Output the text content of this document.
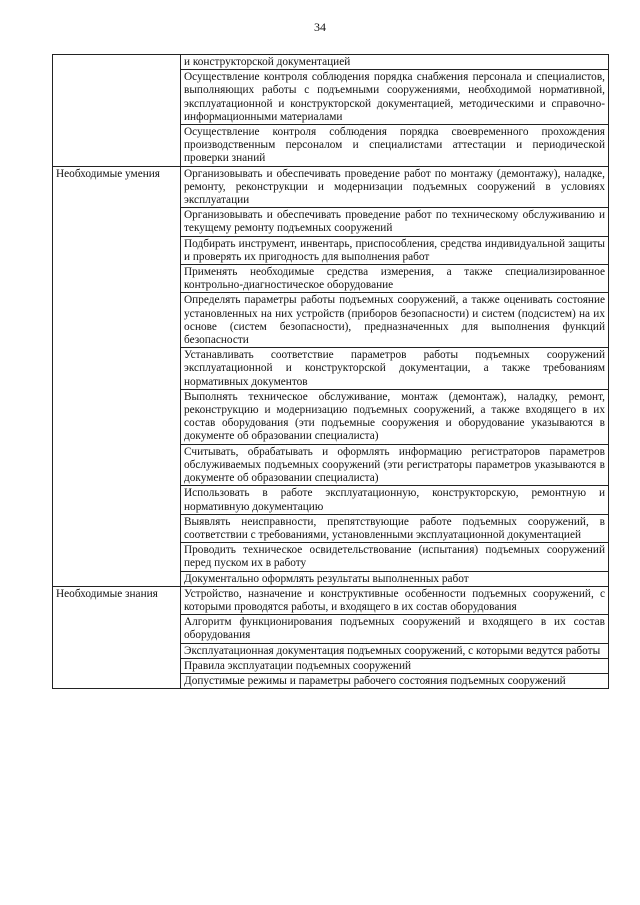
34

	и конструкторской документацией

	Осуществление контроля соблюдения порядка снабжения персонала и специалистов, выполняющих работы с подъемными сооружениями, необходимой нормативной, эксплуатационной и конструкторской документацией, методическими и справочно-информационными материалами

	Осуществление контроля соблюдения порядка своевременного прохождения производственным персоналом и специалистами аттестации и периодической проверки знаний

Необходимые умения	Организовывать и обеспечивать проведение работ по монтажу (демонтажу), наладке, ремонту, реконструкции и модернизации подъемных сооружений в условиях эксплуатации

	Организовывать и обеспечивать проведение работ по техническому обслуживанию и текущему ремонту подъемных сооружений

	Подбирать инструмент, инвентарь, приспособления, средства индивидуальной защиты и проверять их пригодность для выполнения работ

	Применять необходимые средства измерения, а также специализированное контрольно-диагностическое оборудование

	Определять параметры работы подъемных сооружений, а также оценивать состояние установленных на них устройств (приборов безопасности) и систем (подсистем) на их основе (систем безопасности), предназначенных для выполнения функций безопасности

	Устанавливать соответствие параметров работы подъемных сооружений эксплуатационной и конструкторской документации, а также требованиям нормативных документов

	Выполнять техническое обслуживание, монтаж (демонтаж), наладку, ремонт, реконструкцию и модернизацию подъемных сооружений, а также входящего в их состав оборудования (эти подъемные сооружения и оборудование указываются в документе об образовании специалиста)

	Считывать, обрабатывать и оформлять информацию регистраторов параметров обслуживаемых подъемных сооружений (эти регистраторы параметров указываются в документе об образовании специалиста)

	Использовать в работе эксплуатационную, конструкторскую, ремонтную и нормативную документацию

	Выявлять неисправности, препятствующие работе подъемных сооружений, в соответствии с требованиями, установленными эксплуатационной документацией

	Проводить техническое освидетельствование (испытания) подъемных сооружений перед пуском их в работу

	Документально оформлять результаты выполненных работ

Необходимые знания	Устройство, назначение и конструктивные особенности подъемных сооружений, с которыми проводятся работы, и входящего в их состав оборудования

	Алгоритм функционирования подъемных сооружений и входящего в их состав оборудования

	Эксплуатационная документация подъемных сооружений, с которыми ведутся работы

	Правила эксплуатации подъемных сооружений

	Допустимые режимы и параметры рабочего состояния подъемных сооружений
